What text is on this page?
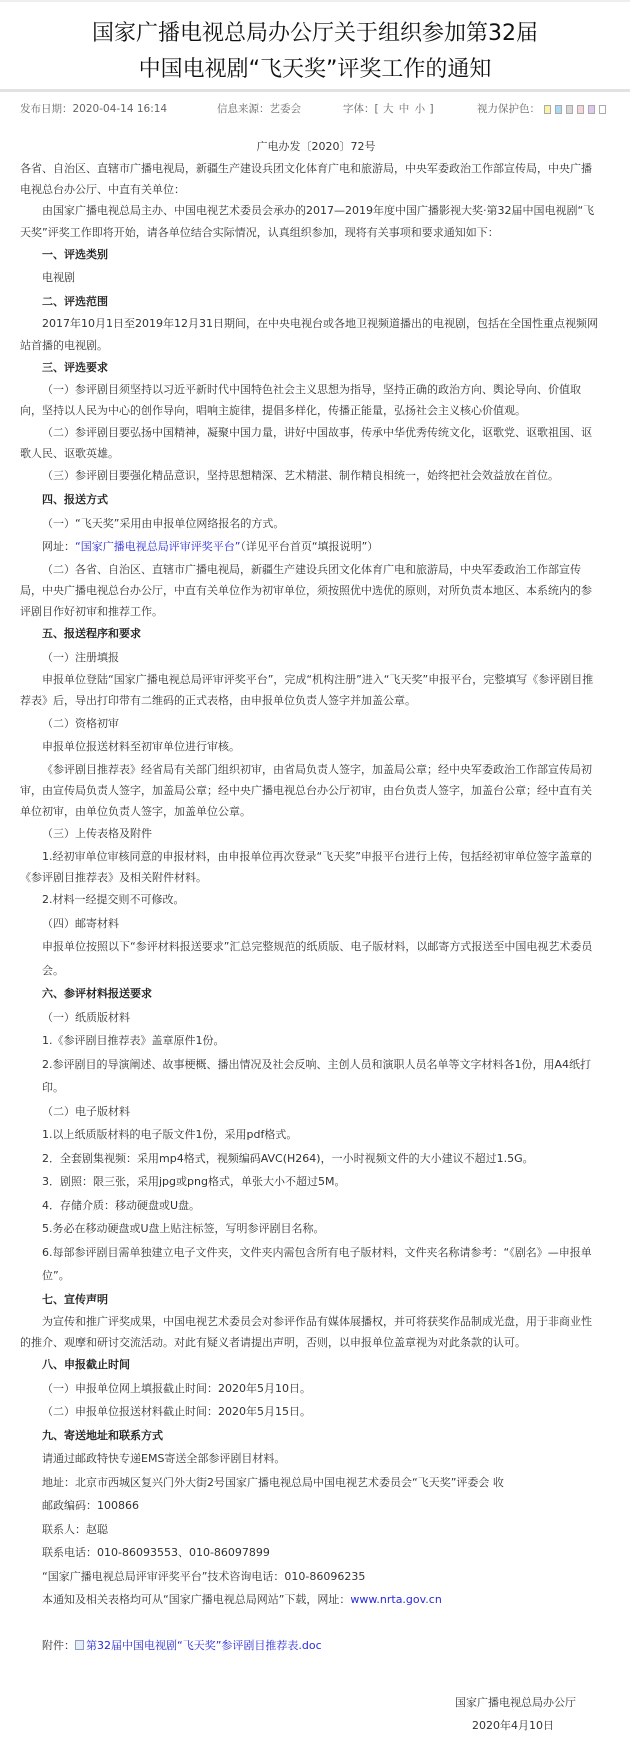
国家广播电视总局办公厅关于组织参加第32届
中国电视剧“飞天奖”评奖工作的通知
发布日期：2020-04-14 16:14	信息来源：艺委会	字体：[ 大 中 小 ]	视力保护色：
广电办发〔2020〕72号

各省、自治区、直辖市广播电视局，新疆生产建设兵团文化体育广电和旅游局，中央军委政治工作部宣传局，中央广播电视总台办公厅、中直有关单位：

由国家广播电视总局主办、中国电视艺术委员会承办的2017—2019年度中国广播影视大奖·第32届中国电视剧“飞天奖”评奖工作即将开始，请各单位结合实际情况，认真组织参加，现将有关事项和要求通知如下：

一、评选类别

电视剧

二、评选范围

2017年10月1日至2019年12月31日期间，在中央电视台或各地卫视频道播出的电视剧，包括在全国性重点视频网站首播的电视剧。

三、评选要求

（一）参评剧目须坚持以习近平新时代中国特色社会主义思想为指导，坚持正确的政治方向、舆论导向、价值取向，坚持以人民为中心的创作导向，唱响主旋律，提倡多样化，传播正能量，弘扬社会主义核心价值观。

（二）参评剧目要弘扬中国精神，凝聚中国力量，讲好中国故事，传承中华优秀传统文化，讴歌党、讴歌祖国、讴歌人民、讴歌英雄。

（三）参评剧目要强化精品意识，坚持思想精深、艺术精湛、制作精良相统一，始终把社会效益放在首位。

四、报送方式

（一）“飞天奖”采用由申报单位网络报名的方式。

网址：“国家广播电视总局评审评奖平台”（详见平台首页“填报说明”）

（二）各省、自治区、直辖市广播电视局，新疆生产建设兵团文化体育广电和旅游局，中央军委政治工作部宣传局，中央广播电视总台办公厅，中直有关单位作为初审单位，须按照优中选优的原则，对所负责本地区、本系统内的参评剧目作好初审和推荐工作。

五、报送程序和要求

（一）注册填报

申报单位登陆“国家广播电视总局评审评奖平台”，完成“机构注册”进入“飞天奖”申报平台，完整填写《参评剧目推荐表》后，导出打印带有二维码的正式表格，由申报单位负责人签字并加盖公章。

（二）资格初审

申报单位报送材料至初审单位进行审核。

《参评剧目推荐表》经省局有关部门组织初审，由省局负责人签字，加盖局公章；经中央军委政治工作部宣传局初审，由宣传局负责人签字，加盖局公章；经中央广播电视总台办公厅初审，由台负责人签字，加盖台公章；经中直有关单位初审，由单位负责人签字，加盖单位公章。

（三）上传表格及附件

1.经初审单位审核同意的申报材料，由申报单位再次登录“飞天奖”申报平台进行上传，包括经初审单位签字盖章的《参评剧目推荐表》及相关附件材料。

2.材料一经提交则不可修改。

（四）邮寄材料

申报单位按照以下“参评材料报送要求”汇总完整规范的纸质版、电子版材料，以邮寄方式报送至中国电视艺术委员会。

六、参评材料报送要求

（一）纸质版材料

1.《参评剧目推荐表》盖章原件1份。

2.参评剧目的导演阐述、故事梗概、播出情况及社会反响、主创人员和演职人员名单等文字材料各1份，用A4纸打印。

（二）电子版材料

1.以上纸质版材料的电子版文件1份，采用pdf格式。

2．全套剧集视频：采用mp4格式，视频编码AVC(H264)，一小时视频文件的大小建议不超过1.5G。

3．剧照：限三张，采用jpg或png格式，单张大小不超过5M。

4．存储介质：移动硬盘或U盘。

5.务必在移动硬盘或U盘上贴注标签，写明参评剧目名称。

6.每部参评剧目需单独建立电子文件夹，文件夹内需包含所有电子版材料，文件夹名称请参考：“《剧名》—申报单位”。

七、宣传声明

为宣传和推广评奖成果，中国电视艺术委员会对参评作品有媒体展播权，并可将获奖作品制成光盘，用于非商业性的推介、观摩和研讨交流活动。对此有疑义者请提出声明，否则，以申报单位盖章视为对此条款的认可。

八、申报截止时间

（一）申报单位网上填报截止时间：2020年5月10日。

（二）申报单位报送材料截止时间：2020年5月15日。

九、寄送地址和联系方式

请通过邮政特快专递EMS寄送全部参评剧目材料。

地址：北京市西城区复兴门外大街2号国家广播电视总局中国电视艺术委员会“飞天奖”评委会 收

邮政编码：100866

联系人：赵聪

联系电话：010-86093553、010-86097899

“国家广播电视总局评审评奖平台”技术咨询电话：010-86096235

本通知及相关表格均可从“国家广播电视总局网站”下载，网址：www.nrta.gov.cn

附件： 第32届中国电视剧“飞天奖”参评剧目推荐表.doc

国家广播电视总局办公厅
2020年4月10日
